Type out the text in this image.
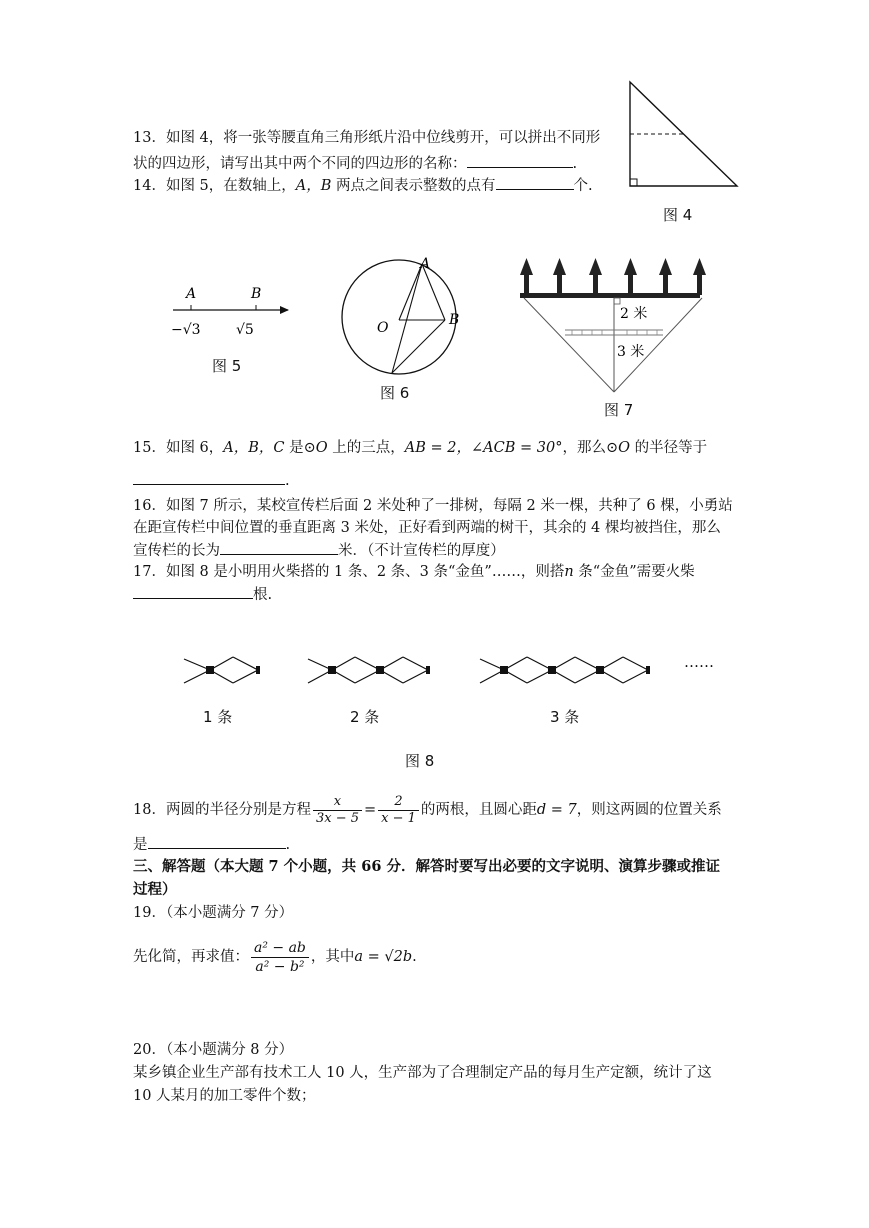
13．如图 4，将一张等腰直角三角形纸片沿中位线剪开，可以拼出不同形
状的四边形，请写出其中两个不同的四边形的名称：	.
14．如图 5，在数轴上，A，B 两点之间表示整数的点有	个.
图 4
A	B
−√3	√5
图 5
A
B
O
图 6
2 米
3 米
图 7
15．如图 6，A，B，C 是⊙O 上的三点，AB = 2，∠ACB = 30°，那么⊙O 的半径等于
.
16．如图 7 所示，某校宣传栏后面 2 米处种了一排树，每隔 2 米一棵，共种了 6 棵，小勇站
在距宣传栏中间位置的垂直距离 3 米处，正好看到两端的树干，其余的 4 棵均被挡住，那么
宣传栏的长为	米．（不计宣传栏的厚度）
17．如图 8 是小明用火柴搭的 1 条、2 条、3 条“金鱼”……，则搭n 条“金鱼”需要火柴
根.
……
1 条	2 条	3 条
图 8
18．两圆的半径分别是方程 $\frac{x}{3x - 5} = \frac{2}{x - 1}$ 的两根，且圆心距d = 7，则这两圆的位置关系
是	.
三、解答题（本大题 7 个小题，共 66 分．解答时要写出必要的文字说明、演算步骤或推证
过程）
19．（本小题满分 7 分）
先化简，再求值： $\frac{\text{a² − ab}}{\text{a² − b²}}$ ，其中a = √2b.
20．（本小题满分 8 分）
某乡镇企业生产部有技术工人 10 人，生产部为了合理制定产品的每月生产定额，统计了这
10 人某月的加工零件个数；
